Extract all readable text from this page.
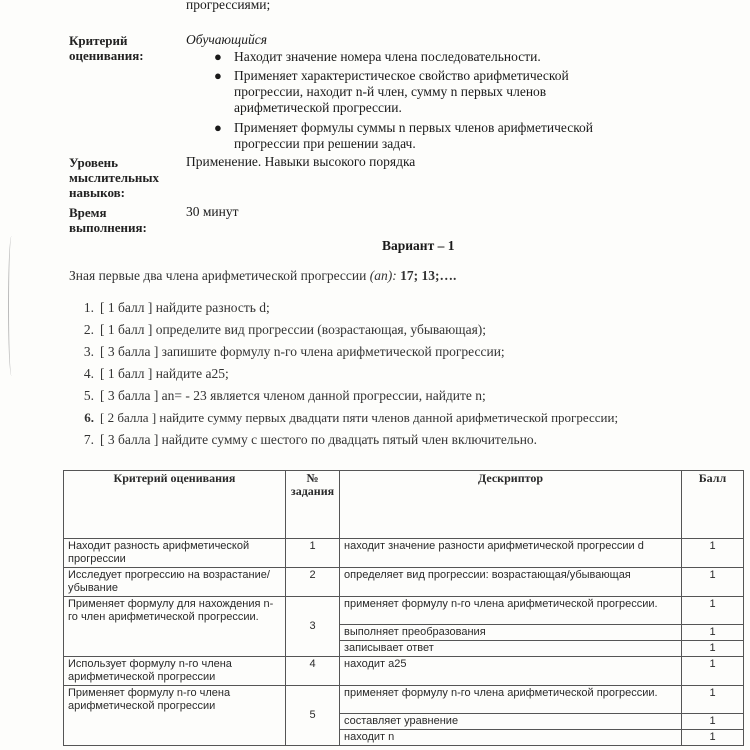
прогрессиями;
Критерий оценивания:
Обучающийся
● Находит значение номера члена последовательности.
● Применяет характеристическое свойство арифметической прогрессии, находит n-й член, сумму n первых членов арифметической прогрессии.
● Применяет формулы суммы n первых членов арифметической прогрессии при решении задач.
Уровень мыслительных навыков:
Применение. Навыки высокого порядка
Время выполнения:
30 минут
Вариант – 1
Зная первые два члена арифметической прогрессии (an): 17; 13;….
1. [ 1 балл ] найдите разность d;
2. [ 1 балл ] определите вид прогрессии (возрастающая, убывающая);
3. [ 3 балла ] запишите формулу n-го члена арифметической прогрессии;
4. [ 1 балл ] найдите a25;
5. [ 3 балла ] an= - 23 является членом данной прогрессии, найдите n;
6. [ 2 балла ] найдите сумму первых двадцати пяти членов данной арифметической прогрессии;
7. [ 3 балла ] найдите сумму с шестого по двадцать пятый член включительно.
Критерий оценивания	№ задания	Дескриптор	Балл
Находит разность арифметической прогрессии	1	находит значение разности арифметической прогрессии d	1
Исследует прогрессию на возрастание/убывание	2	определяет вид прогрессии: возрастающая/убывающая	1
Применяет формулу для нахождения n-го член арифметической прогрессии.	3	применяет формулу n-го члена арифметической прогрессии.	1
		выполняет преобразования	1
		записывает ответ	1
Использует формулу n-го члена арифметической прогрессии	4	находит a25	1
Применяет формулу n-го члена арифметической прогрессии	5	применяет формулу n-го члена арифметической прогрессии.	1
		составляет уравнение	1
		находит n	1
